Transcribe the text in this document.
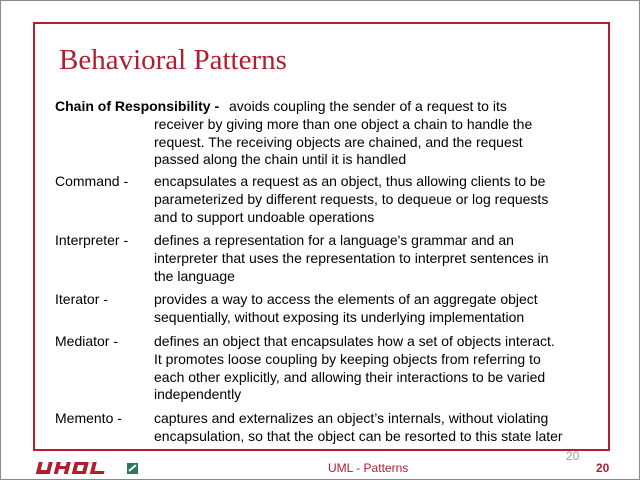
Behavioral Patterns
Chain of Responsibility - avoids coupling the sender of a request to its
receiver by giving more than one object a chain to handle the
request. The receiving objects are chained, and the request
passed along the chain until it is handled
Command - encapsulates a request as an object, thus allowing clients to be
parameterized by different requests, to dequeue or log requests
and to support undoable operations
Interpreter - defines a representation for a language's grammar and an
interpreter that uses the representation to interpret sentences in
the language
Iterator -	provides a way to access the elements of an aggregate object
sequentially, without exposing its underlying implementation
Mediator -	defines an object that encapsulates how a set of objects interact.
It promotes loose coupling by keeping objects from referring to
each other explicitly, and allowing their interactions to be varied
independently
Memento - captures and externalizes an object’s internals, without violating
encapsulation, so that the object can be resorted to this state later
UML - Patterns
20
20
